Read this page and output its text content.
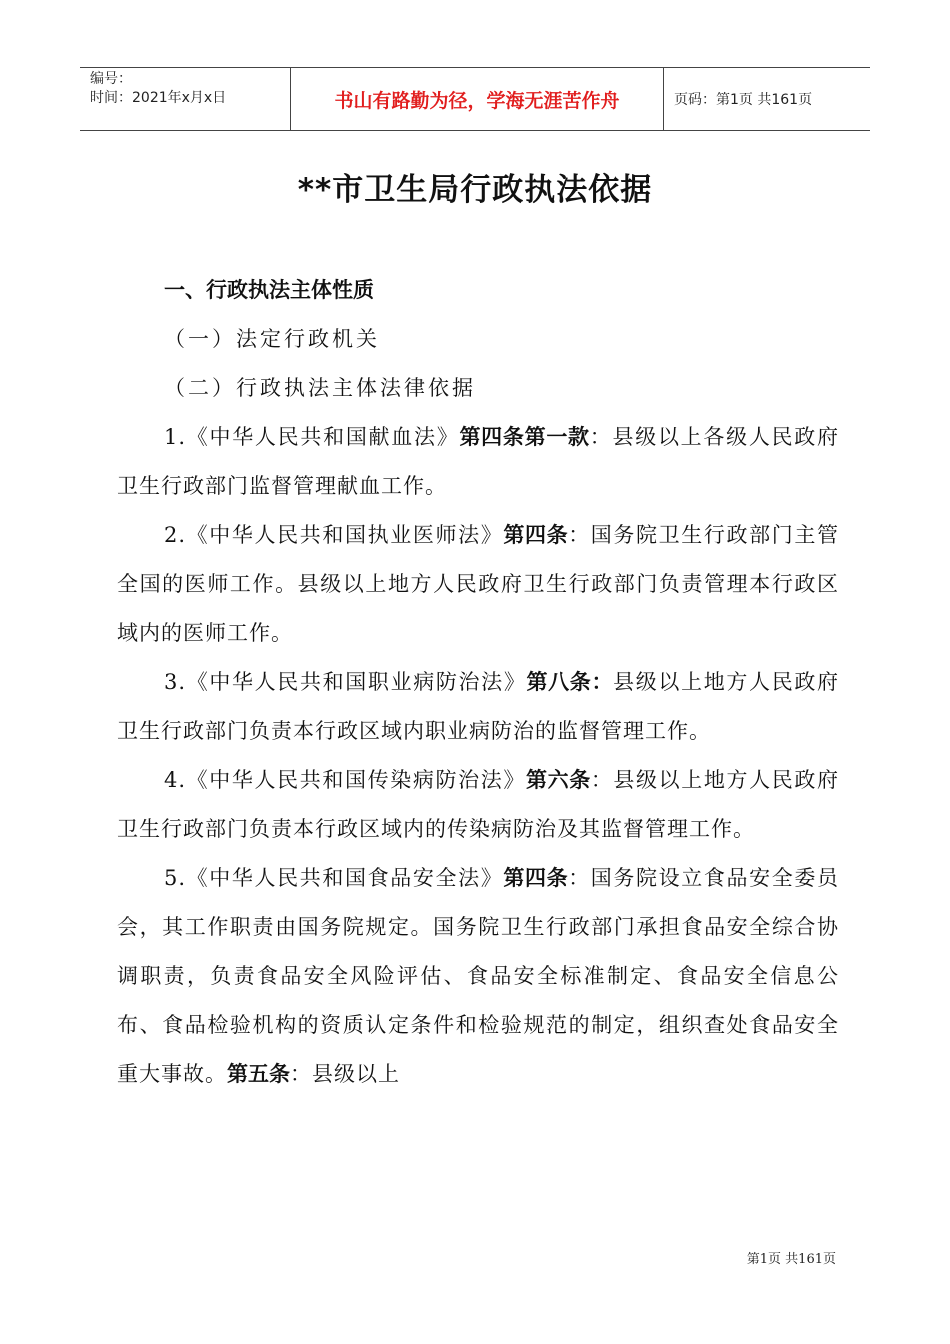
编号：
时间：2021年x月x日	书山有路勤为径，学海无涯苦作舟	页码：第1页 共161页
**市卫生局行政执法依据

一、行政执法主体性质

（一）法定行政机关

（二）行政执法主体法律依据

1.《中华人民共和国献血法》第四条第一款：县级以上各级人民政府卫生行政部门监督管理献血工作。

2.《中华人民共和国执业医师法》第四条：国务院卫生行政部门主管全国的医师工作。县级以上地方人民政府卫生行政部门负责管理本行政区域内的医师工作。

3.《中华人民共和国职业病防治法》第八条：县级以上地方人民政府卫生行政部门负责本行政区域内职业病防治的监督管理工作。

4.《中华人民共和国传染病防治法》第六条：县级以上地方人民政府卫生行政部门负责本行政区域内的传染病防治及其监督管理工作。

5.《中华人民共和国食品安全法》第四条：国务院设立食品安全委员会，其工作职责由国务院规定。国务院卫生行政部门承担食品安全综合协调职责，负责食品安全风险评估、食品安全标准制定、食品安全信息公布、食品检验机构的资质认定条件和检验规范的制定，组织查处食品安全重大事故。第五条：县级以上

第1页 共161页
